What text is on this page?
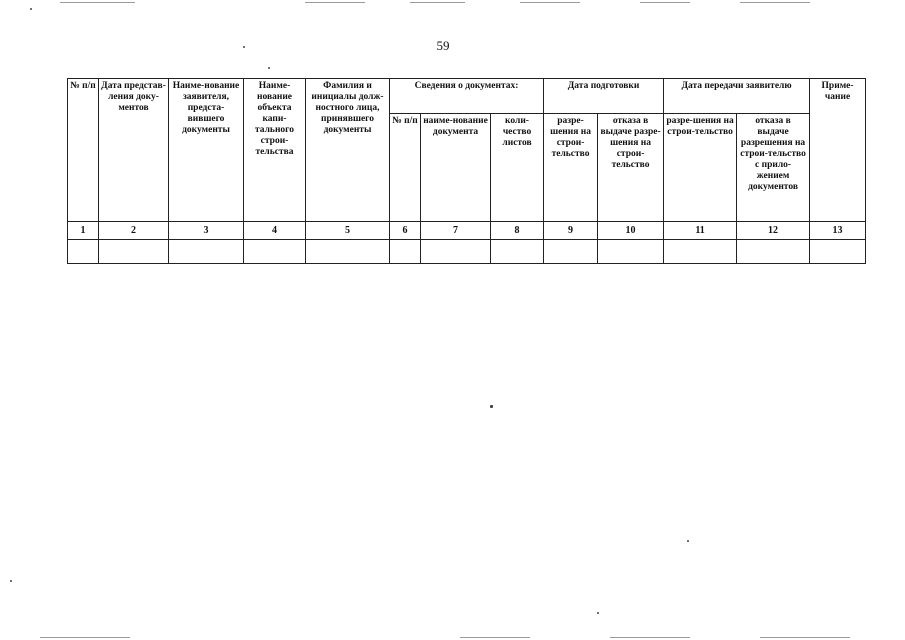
59
№ п/п	Дата представ-ления доку-ментов	Наиме-нование заявителя, предста-вившего документы	Наиме-нование объекта капи-тального строи-тельства	Фамилия и инициалы долж-ностного лица, принявшего документы	Сведения о документах:			Дата подготовки		Дата передачи заявителю		Приме-чание
					№ п/п	наиме-нование документа	коли-чество листов	разре-шения на строи-тельство	отказа в выдаче разре-шения на строи-тельство	разре-шения на строи-тельство	отказа в выдаче разрешения на строи-тельство с прило-жением документов	
1	2	3	4	5	6	7	8	9	10	11	12	13
